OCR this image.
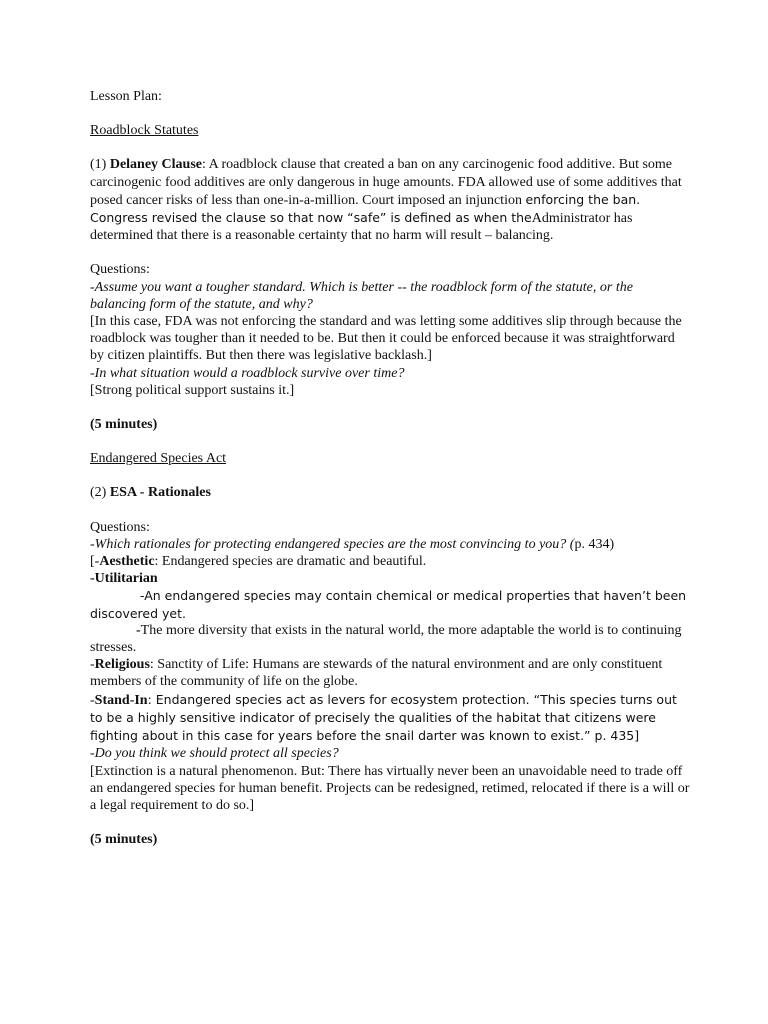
Lesson Plan:

Roadblock Statutes

(1) Delaney Clause: A roadblock clause that created a ban on any carcinogenic food additive. But some carcinogenic food additives are only dangerous in huge amounts. FDA allowed use of some additives that posed cancer risks of less than one-in-a-million. Court imposed an injunction enforcing the ban. Congress revised the clause so that now “safe” is defined as when theAdministrator has determined that there is a reasonable certainty that no harm will result – balancing.

Questions:

-Assume you want a tougher standard. Which is better -- the roadblock form of the statute, or the balancing form of the statute, and why?

[In this case, FDA was not enforcing the standard and was letting some additives slip through because the roadblock was tougher than it needed to be. But then it could be enforced because it was straightforward by citizen plaintiffs. But then there was legislative backlash.]

-In what situation would a roadblock survive over time?

[Strong political support sustains it.]

(5 minutes)

Endangered Species Act

(2) ESA - Rationales

Questions:

-Which rationales for protecting endangered species are the most convincing to you? (p. 434)

[-Aesthetic: Endangered species are dramatic and beautiful.

-Utilitarian

-An endangered species may contain chemical or medical properties that haven’t been

discovered yet.

-The more diversity that exists in the natural world, the more adaptable the world is to continuing stresses.

-Religious: Sanctity of Life: Humans are stewards of the natural environment and are only constituent members of the community of life on the globe.

-Stand-In: Endangered species act as levers for ecosystem protection. “This species turns out to be a highly sensitive indicator of precisely the qualities of the habitat that citizens were fighting about in this case for years before the snail darter was known to exist.” p. 435]

-Do you think we should protect all species?

[Extinction is a natural phenomenon. But: There has virtually never been an unavoidable need to trade off an endangered species for human benefit. Projects can be redesigned, retimed, relocated if there is a will or a legal requirement to do so.]

(5 minutes)
